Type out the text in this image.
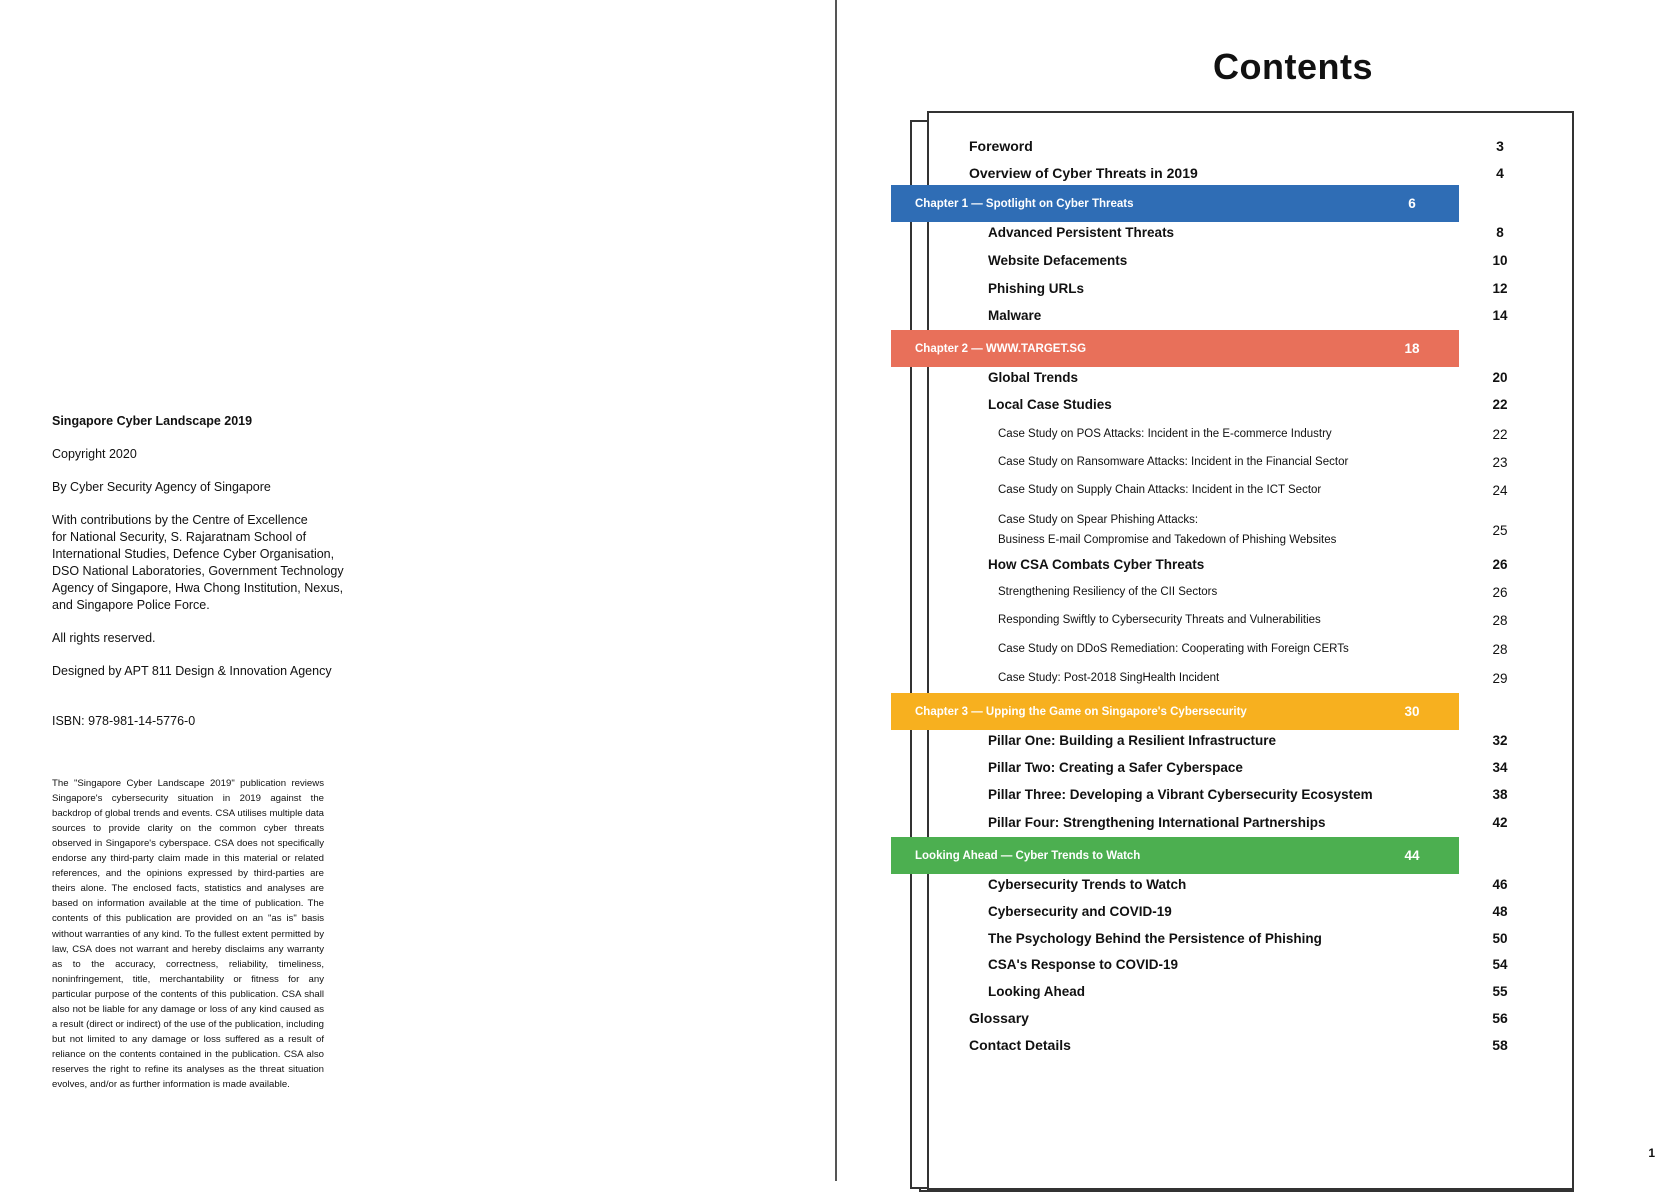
Singapore Cyber Landscape 2019

Copyright 2020

By Cyber Security Agency of Singapore

With contributions by the Centre of Excellence
for National Security, S. Rajaratnam School of
International Studies, Defence Cyber Organisation,
DSO National Laboratories, Government Technology
Agency of Singapore, Hwa Chong Institution, Nexus,
and Singapore Police Force.

All rights reserved.

Designed by APT 811 Design & Innovation Agency

ISBN: 978-981-14-5776-0

The "Singapore Cyber Landscape 2019" publication reviews Singapore's cybersecurity situation in 2019 against the backdrop of global trends and events. CSA utilises multiple data sources to provide clarity on the common cyber threats observed in Singapore's cyberspace. CSA does not specifically endorse any third-party claim made in this material or related references, and the opinions expressed by third-parties are theirs alone. The enclosed facts, statistics and analyses are based on information available at the time of publication. The contents of this publication are provided on an "as is" basis without warranties of any kind. To the fullest extent permitted by law, CSA does not warrant and hereby disclaims any warranty as to the accuracy, correctness, reliability, timeliness, noninfringement, title, merchantability or fitness for any particular purpose of the contents of this publication. CSA shall also not be liable for any damage or loss of any kind caused as a result (direct or indirect) of the use of the publication, including but not limited to any damage or loss suffered as a result of reliance on the contents contained in the publication. CSA also reserves the right to refine its analyses as the threat situation evolves, and/or as further information is made available.

Contents
Foreword	3
Overview of Cyber Threats in 2019	4
Chapter 1 — Spotlight on Cyber Threats	6
Advanced Persistent Threats	8
Website Defacements	10
Phishing URLs	12
Malware	14
Chapter 2 — WWW.TARGET.SG	18
Global Trends	20
Local Case Studies	22
Case Study on POS Attacks: Incident in the E-commerce Industry	22
Case Study on Ransomware Attacks: Incident in the Financial Sector	23
Case Study on Supply Chain Attacks: Incident in the ICT Sector	24
Case Study on Spear Phishing Attacks:
Business E-mail Compromise and Takedown of Phishing Websites
25
How CSA Combats Cyber Threats	26
Strengthening Resiliency of the CII Sectors	26
Responding Swiftly to Cybersecurity Threats and Vulnerabilities	28
Case Study on DDoS Remediation: Cooperating with Foreign CERTs	28
Case Study: Post-2018 SingHealth Incident	29
Chapter 3 — Upping the Game on Singapore's Cybersecurity	30
Pillar One: Building a Resilient Infrastructure	32
Pillar Two: Creating a Safer Cyberspace	34
Pillar Three: Developing a Vibrant Cybersecurity Ecosystem	38
Pillar Four: Strengthening International Partnerships	42
Looking Ahead — Cyber Trends to Watch	44
Cybersecurity Trends to Watch	46
Cybersecurity and COVID-19	48
The Psychology Behind the Persistence of Phishing	50
CSA's Response to COVID-19	54
Looking Ahead	55
Glossary	56
Contact Details	58
1
